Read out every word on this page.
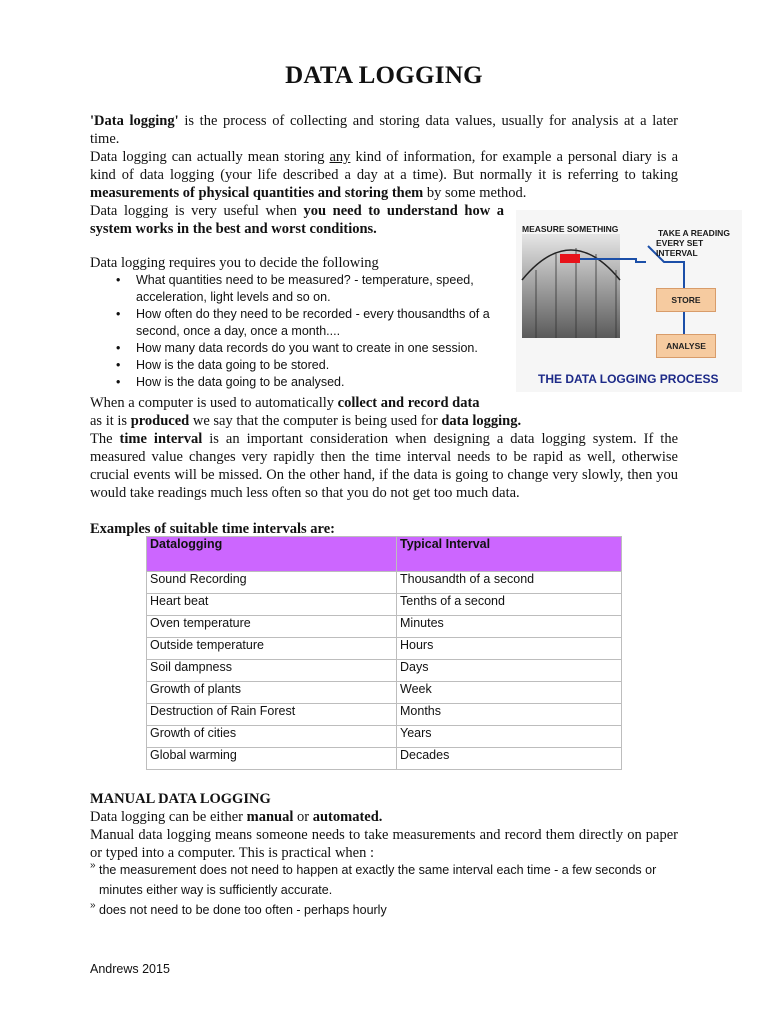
DATA LOGGING
'Data logging' is the process of collecting and storing data values, usually for analysis at a later time.
Data logging can actually mean storing any kind of information, for example a personal diary is a kind of data logging (your life described a day at a time). But normally it is referring to taking measurements of physical quantities and storing them by some method.
Data logging is very useful when you need to understand how a system works in the best and worst conditions.
Data logging requires you to decide the following
• What quantities need to be measured? - temperature, speed, acceleration, light levels and so on.
• How often do they need to be recorded - every thousandths of a second, once a day, once a month....
• How many data records do you want to create in one session.
• How is the data going to be stored.
• How is the data going to be analysed.
MEASURE SOMETHING	TAKE A READING
EVERY SET INTERVAL
STORE
ANALYSE
THE DATA LOGGING PROCESS
When a computer is used to automatically collect and record data
as it is produced we say that the computer is being used for data logging.
The time interval is an important consideration when designing a data logging system. If the measured value changes very rapidly then the time interval needs to be rapid as well, otherwise crucial events will be missed. On the other hand, if the data is going to change very slowly, then you would take readings much less often so that you do not get too much data.
Examples of suitable time intervals are:
Datalogging	Typical Interval
Sound Recording	Thousandth of a second
Heart beat	Tenths of a second
Oven temperature	Minutes
Outside temperature	Hours
Soil dampness	Days
Growth of plants	Week
Destruction of Rain Forest	Months
Growth of cities	Years
Global warming	Decades
MANUAL DATA LOGGING
Data logging can be either manual or automated.
Manual data logging means someone needs to take measurements and record them directly on paper or typed into a computer. This is practical when :
» the measurement does not need to happen at exactly the same interval each time - a few seconds or minutes either way is sufficiently accurate.
» does not need to be done too often - perhaps hourly
Andrews 2015
